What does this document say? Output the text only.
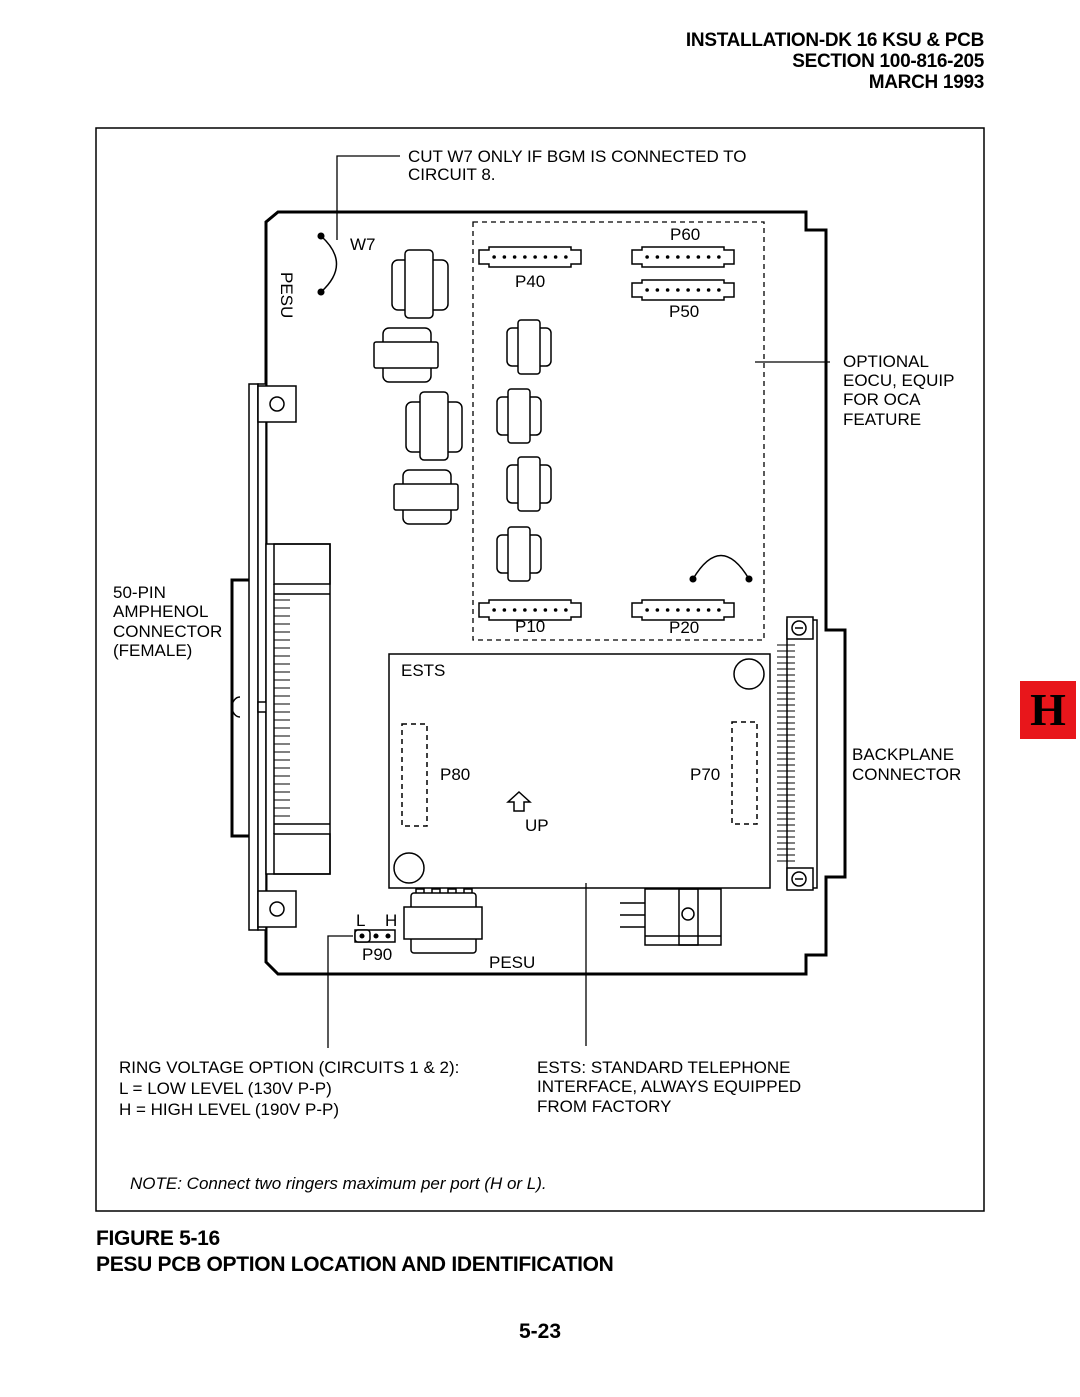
INSTALLATION-DK 16 KSU & PCB
SECTION 100-816-205
MARCH 1993
CUT W7 ONLY IF BGM IS CONNECTED TO
CIRCUIT 8.
W7
PESU
P60
P40
P50
OPTIONAL
EOCU, EQUIP
FOR OCA
FEATURE
50-PIN
AMPHENOL
CONNECTOR
(FEMALE)
P10	P20
ESTS
P80	P70
UP
BACKPLANE
CONNECTOR
L H
P90	PESU
RING VOLTAGE OPTION (CIRCUITS 1 & 2):
L = LOW LEVEL (130V P-P)
H = HIGH LEVEL (190V P-P)
ESTS: STANDARD TELEPHONE
INTERFACE, ALWAYS EQUIPPED
FROM FACTORY
NOTE: Connect two ringers maximum per port (H or L).
FIGURE 5-16
PESU PCB OPTION LOCATION AND IDENTIFICATION
5-23
H
